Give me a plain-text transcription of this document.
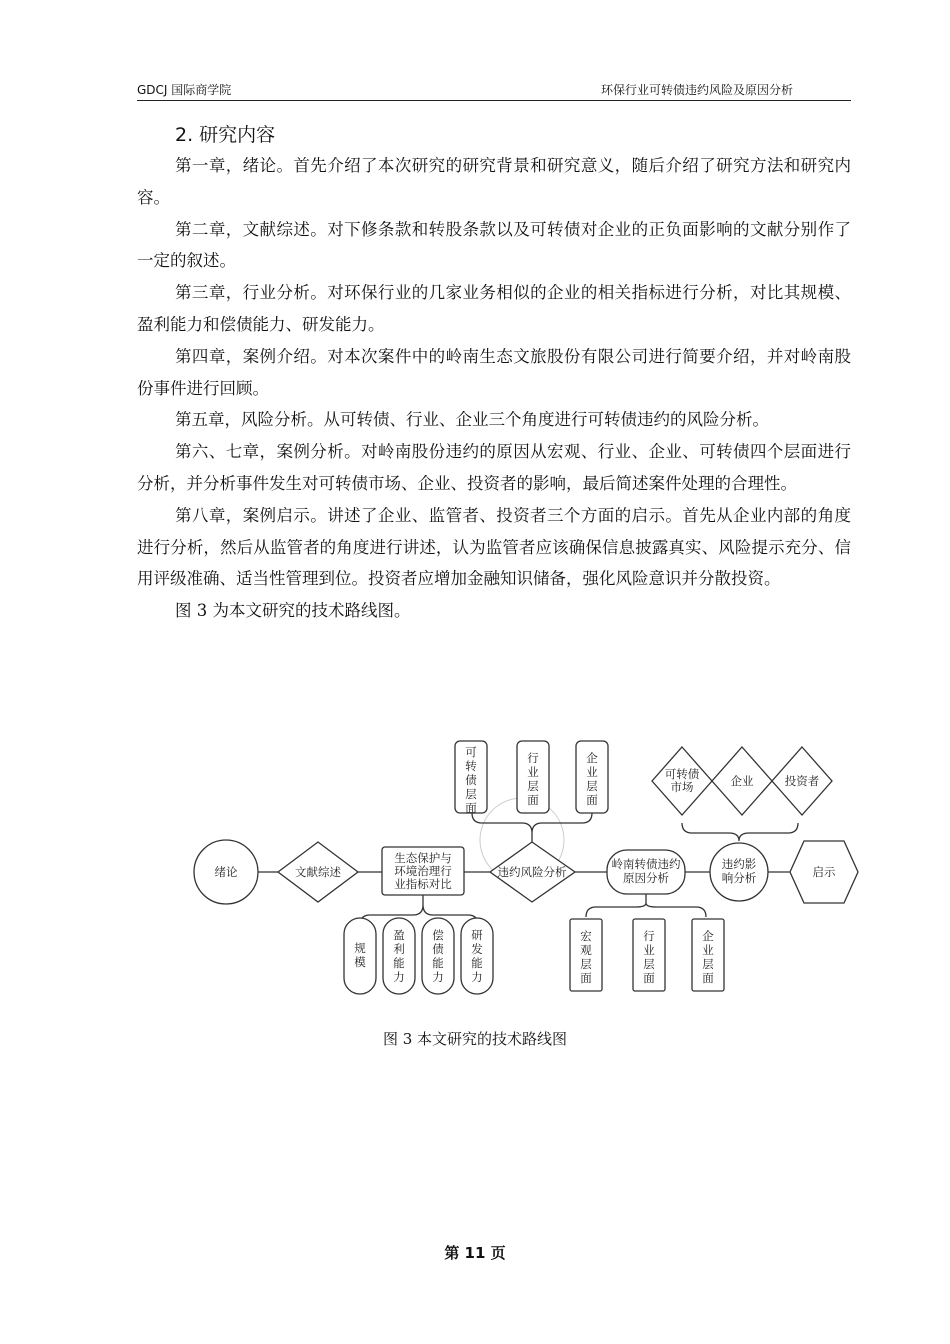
GDCJ 国际商学院	环保行业可转债违约风险及原因分析
2. 研究内容

第一章，绪论。首先介绍了本次研究的研究背景和研究意义，随后介绍了研究方法和研究内容。

第二章，文献综述。对下修条款和转股条款以及可转债对企业的正负面影响的文献分别作了一定的叙述。

第三章，行业分析。对环保行业的几家业务相似的企业的相关指标进行分析，对比其规模、盈利能力和偿债能力、研发能力。

第四章，案例介绍。对本次案件中的岭南生态文旅股份有限公司进行简要介绍，并对岭南股份事件进行回顾。

第五章，风险分析。从可转债、行业、企业三个角度进行可转债违约的风险分析。

第六、七章，案例分析。对岭南股份违约的原因从宏观、行业、企业、可转债四个层面进行分析，并分析事件发生对可转债市场、企业、投资者的影响，最后简述案件处理的合理性。

第八章，案例启示。讲述了企业、监管者、投资者三个方面的启示。首先从企业内部的角度进行分析，然后从监管者的角度进行讲述，认为监管者应该确保信息披露真实、风险提示充分、信用评级准确、适当性管理到位。投资者应增加金融知识储备，强化风险意识并分散投资。

图 3 为本文研究的技术路线图。

绪论	文献综述
生态保护与
环境治理行
业指标对比
违约风险分析
岭南转债违约
原因分析
违约影
响分析	启示
可
转
债
层
面
行
业
层
面
企
业
层
面
可转债
市场	企业	投资者
规
模
盈
利
能
力
偿
债
能
力
研
发
能
力
宏
观
层
面
行
业
层
面
企
业
层
面
图 3 本文研究的技术路线图
第 11 页
